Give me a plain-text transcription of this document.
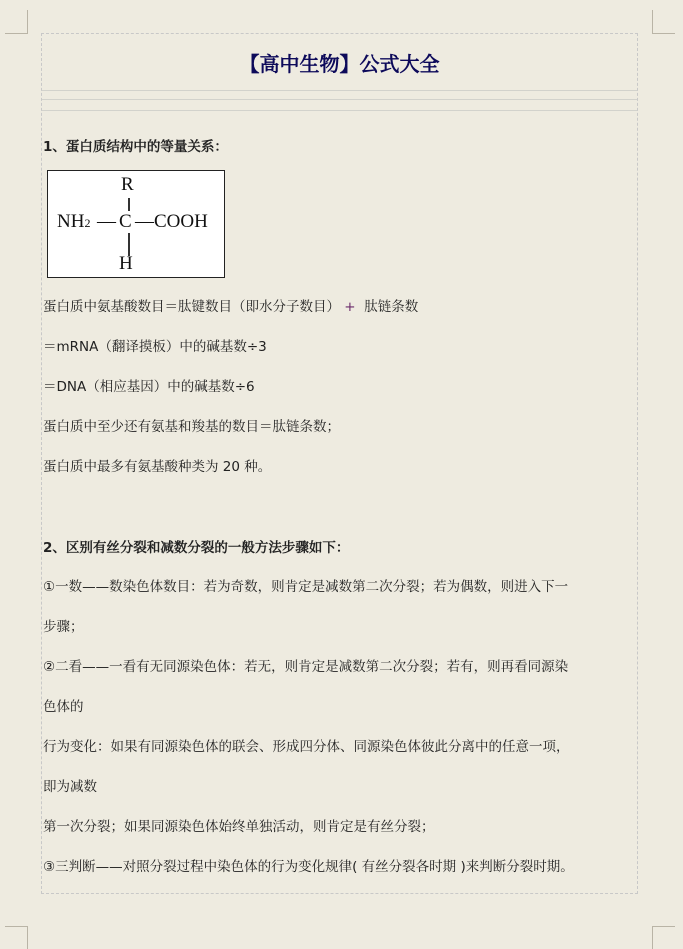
【高中生物】公式大全
1、蛋白质结构中的等量关系：
R
NH2 — C — COOH
H
蛋白质中氨基酸数目＝肽键数目（即水分子数目） + 肽链条数
＝mRNA（翻译摸板）中的碱基数÷3
＝DNA（相应基因）中的碱基数÷6
蛋白质中至少还有氨基和羧基的数目＝肽链条数；
蛋白质中最多有氨基酸种类为 20 种。
2、区别有丝分裂和减数分裂的一般方法步骤如下：
①一数——数染色体数目：若为奇数，则肯定是减数第二次分裂；若为偶数，则进入下一
步骤；
②二看——一看有无同源染色体：若无，则肯定是减数第二次分裂；若有，则再看同源染
色体的
行为变化：如果有同源染色体的联会、形成四分体、同源染色体彼此分离中的任意一项，
即为减数
第一次分裂；如果同源染色体始终单独活动，则肯定是有丝分裂；
③三判断——对照分裂过程中染色体的行为变化规律( 有丝分裂各时期 )来判断分裂时期。
